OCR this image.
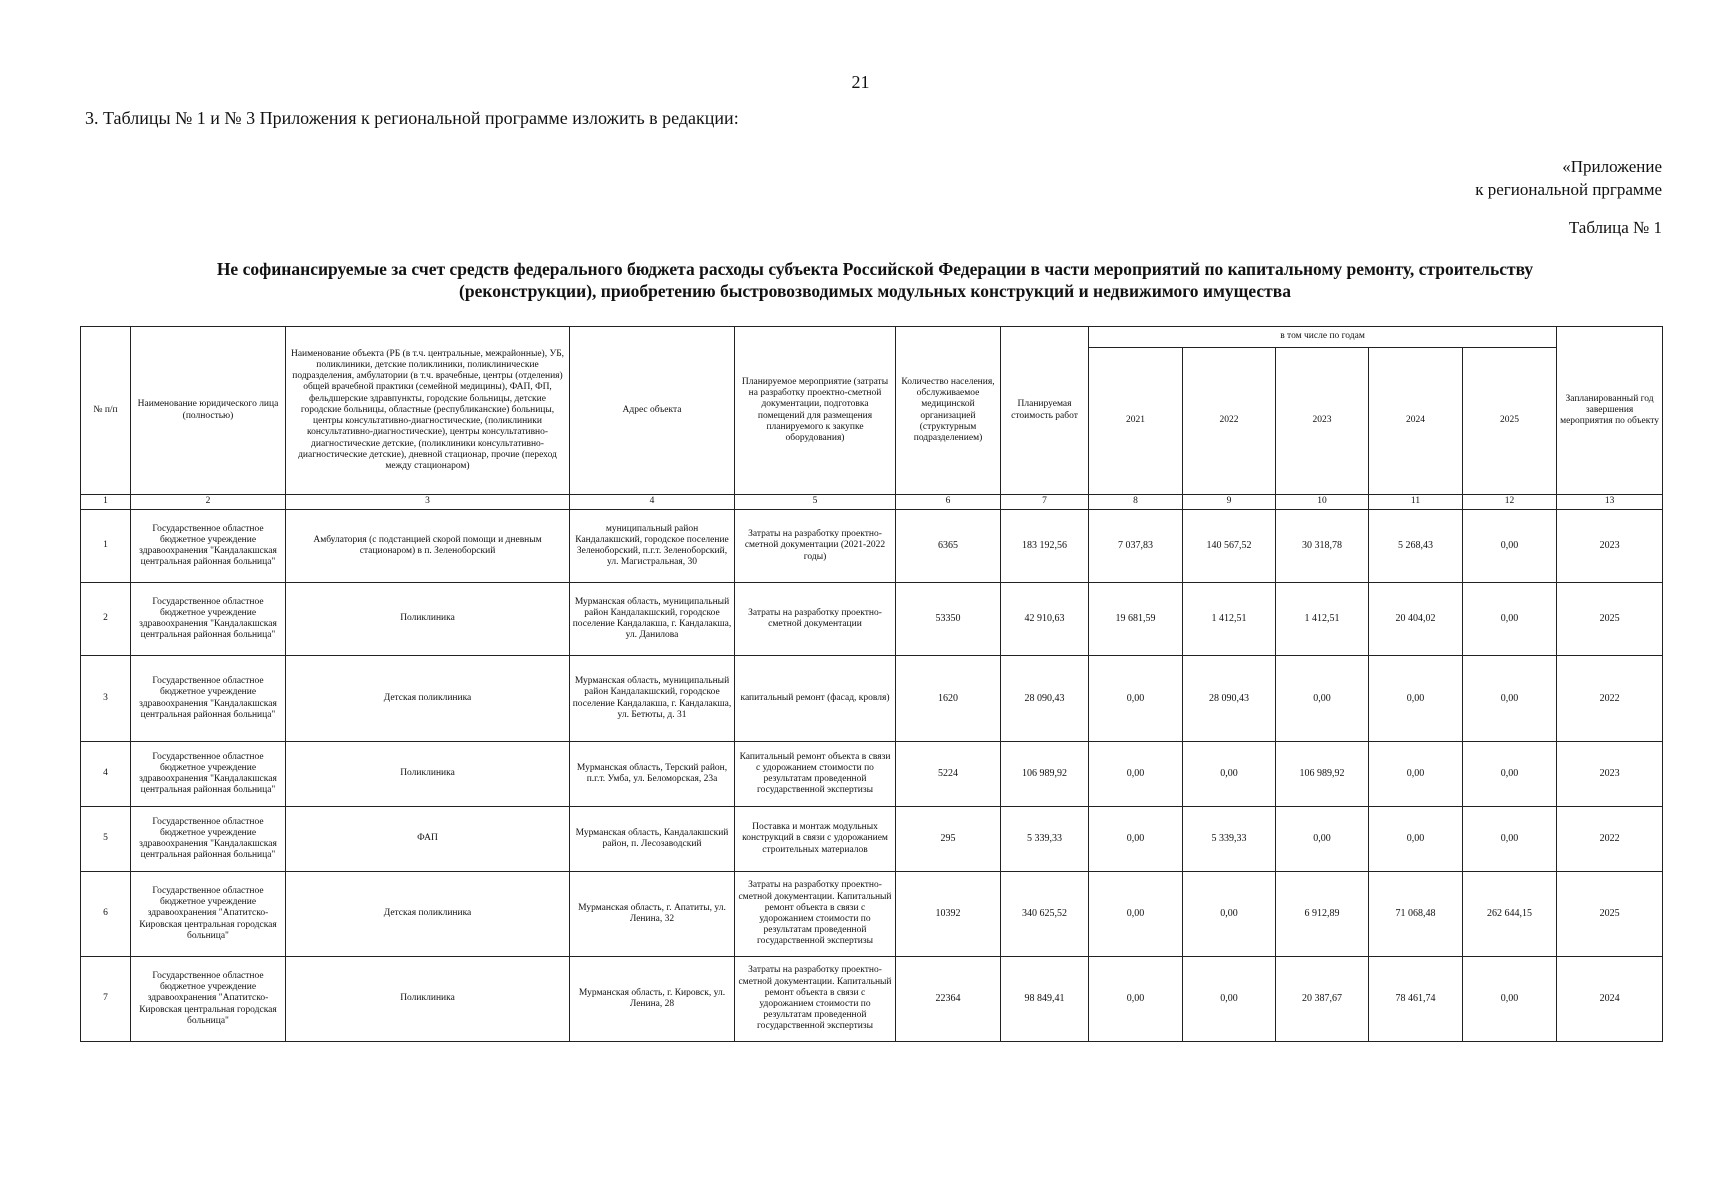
21
3. Таблицы № 1 и № 3 Приложения к региональной программе изложить в редакции:
«Приложение
к региональной прграмме
Таблица № 1
Не софинансируемые за счет средств федерального бюджета расходы субъекта Российской Федерации в части мероприятий по капитальному ремонту, строительству
(реконструкции), приобретению быстровозводимых модульных конструкций и недвижимого имущества
№ п/п	Наименование юридического лица (полностью)	Наименование объекта (РБ (в т.ч. центральные, межрайонные), УБ, поликлиники, детские поликлиники, поликлинические подразделения, амбулатории (в т.ч. врачебные, центры (отделения) общей врачебной практики (семейной медицины), ФАП, ФП, фельдшерские здравпункты, городские больницы, детские городские больницы, областные (республиканские) больницы, центры консультативно-диагностические, (поликлиники консультативно-диагностические), центры консультативно-диагностические детские, (поликлиники консультативно-диагностические детские), дневной стационар, прочие (переход между стационаром)	Адрес объекта	Планируемое мероприятие (затраты на разработку проектно-сметной документации, подготовка помещений для размещения планируемого к закупке оборудования)	Количество населения, обслуживаемое медицинской организацией (структурным подразделением)	Планируемая стоимость работ	в том числе по годам					Запланированный год завершения мероприятия по объекту
							2021	2022	2023	2024	2025	
1	2	3	4	5	6	7	8	9	10	11	12	13
1	Государственное областное бюджетное учреждение здравоохранения "Кандалакшская центральная районная больница"	Амбулатория (с подстанцией скорой помощи и дневным стационаром) в п. Зеленоборский	муниципальный район Кандалакшский, городское поселение Зеленоборский, п.г.т. Зеленоборский, ул. Магистральная, 30	Затраты на разработку проектно-сметной документации (2021-2022 годы)	6365	183 192,56	7 037,83	140 567,52	30 318,78	5 268,43	0,00	2023
2	Государственное областное бюджетное учреждение здравоохранения "Кандалакшская центральная районная больница"	Поликлиника	Мурманская область, муниципальный район Кандалакшский, городское поселение Кандалакша, г. Кандалакша, ул. Данилова	Затраты на разработку проектно-сметной документации	53350	42 910,63	19 681,59	1 412,51	1 412,51	20 404,02	0,00	2025
3	Государственное областное бюджетное учреждение здравоохранения "Кандалакшская центральная районная больница"	Детская поликлиника	Мурманская область, муниципальный район Кандалакшский, городское поселение Кандалакша, г. Кандалакша, ул. Бетюты, д. 31	капитальный ремонт (фасад, кровля)	1620	28 090,43	0,00	28 090,43	0,00	0,00	0,00	2022
4	Государственное областное бюджетное учреждение здравоохранения "Кандалакшская центральная районная больница"	Поликлиника	Мурманская область, Терский район, п.г.т. Умба, ул. Беломорская, 23а	Капитальный ремонт объекта в связи с удорожанием стоимости по результатам проведенной государственной экспертизы	5224	106 989,92	0,00	0,00	106 989,92	0,00	0,00	2023
5	Государственное областное бюджетное учреждение здравоохранения "Кандалакшская центральная районная больница"	ФАП	Мурманская область, Кандалакшский район, п. Лесозаводский	Поставка и монтаж модульных конструкций в связи с удорожанием строительных материалов	295	5 339,33	0,00	5 339,33	0,00	0,00	0,00	2022
6	Государственное областное бюджетное учреждение здравоохранения "Апатитско-Кировская центральная городская больница"	Детская поликлиника	Мурманская область, г. Апатиты, ул. Ленина, 32	Затраты на разработку проектно-сметной документации. Капитальный ремонт объекта в связи с удорожанием стоимости по результатам проведенной государственной экспертизы	10392	340 625,52	0,00	0,00	6 912,89	71 068,48	262 644,15	2025
7	Государственное областное бюджетное учреждение здравоохранения "Апатитско-Кировская центральная городская больница"	Поликлиника	Мурманская область, г. Кировск, ул. Ленина, 28	Затраты на разработку проектно-сметной документации. Капитальный ремонт объекта в связи с удорожанием стоимости по результатам проведенной государственной экспертизы	22364	98 849,41	0,00	0,00	20 387,67	78 461,74	0,00	2024
